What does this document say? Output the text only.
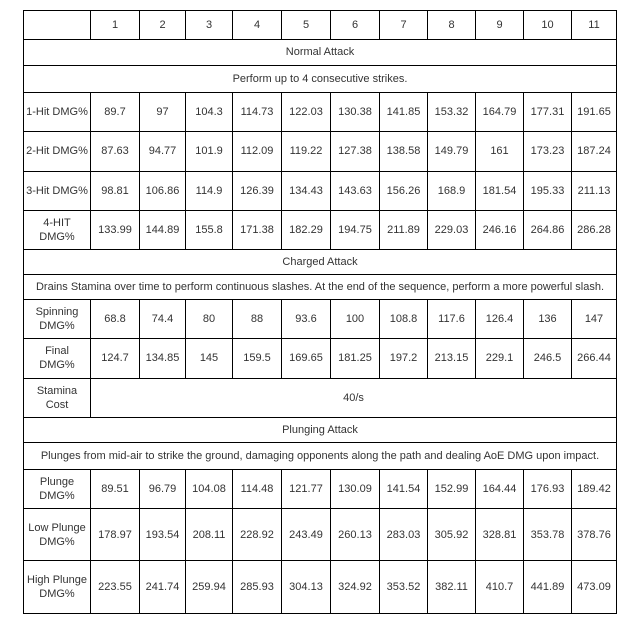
	1	2	3	4	5	6	7	8	9	10	11
Normal Attack											
Perform up to 4 consecutive strikes.											
1-Hit DMG%	89.7	97	104.3	114.73	122.03	130.38	141.85	153.32	164.79	177.31	191.65
2-Hit DMG%	87.63	94.77	101.9	112.09	119.22	127.38	138.58	149.79	161	173.23	187.24
3-Hit DMG%	98.81	106.86	114.9	126.39	134.43	143.63	156.26	168.9	181.54	195.33	211.13
4-HIT DMG%	133.99	144.89	155.8	171.38	182.29	194.75	211.89	229.03	246.16	264.86	286.28
Charged Attack											
Drains Stamina over time to perform continuous slashes. At the end of the sequence, perform a more powerful slash.											
Spinning DMG%	68.8	74.4	80	88	93.6	100	108.8	117.6	126.4	136	147
Final DMG%	124.7	134.85	145	159.5	169.65	181.25	197.2	213.15	229.1	246.5	266.44
Stamina Cost	40/s										
Plunging Attack											
Plunges from mid-air to strike the ground, damaging opponents along the path and dealing AoE DMG upon impact.											
Plunge DMG%	89.51	96.79	104.08	114.48	121.77	130.09	141.54	152.99	164.44	176.93	189.42
Low Plunge DMG%	178.97	193.54	208.11	228.92	243.49	260.13	283.03	305.92	328.81	353.78	378.76
High Plunge DMG%	223.55	241.74	259.94	285.93	304.13	324.92	353.52	382.11	410.7	441.89	473.09
